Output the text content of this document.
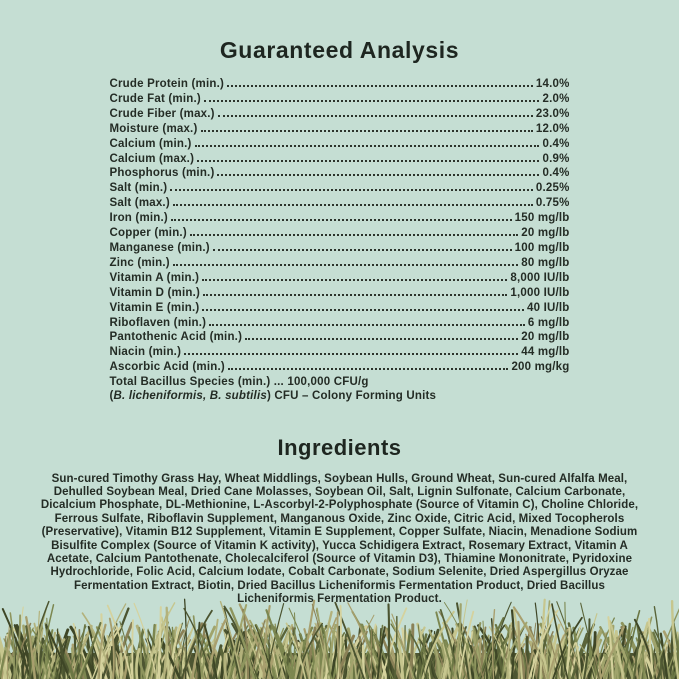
Guaranteed Analysis
Crude Protein (min.)	14.0%
Crude Fat (min.)	2.0%
Crude Fiber (max.)	23.0%
Moisture (max.)	12.0%
Calcium (min.)	0.4%
Calcium (max.)	0.9%
Phosphorus (min.)	0.4%
Salt (min.)	0.25%
Salt (max.)	0.75%
Iron (min.)	150 mg/lb
Copper (min.)	20 mg/lb
Manganese (min.)	100 mg/lb
Zinc (min.)	80 mg/lb
Vitamin A (min.)	8,000 IU/lb
Vitamin D (min.)	1,000 IU/lb
Vitamin E (min.)	40 IU/lb
Riboflaven (min.)	6 mg/lb
Pantothenic Acid (min.)	20 mg/lb
Niacin (min.)	44 mg/lb
Ascorbic Acid (min.)	200 mg/kg
Total Bacillus Species (min.) ... 100,000 CFU/g
(B. licheniformis, B. subtilis) CFU – Colony Forming Units
Ingredients

Sun-cured Timothy Grass Hay, Wheat Middlings, Soybean Hulls, Ground Wheat, Sun-cured Alfalfa Meal, Dehulled Soybean Meal, Dried Cane Molasses, Soybean Oil, Salt, Lignin Sulfonate, Calcium Carbonate, Dicalcium Phosphate, DL-Methionine, L-Ascorbyl-2-Polyphosphate (Source of Vitamin C), Choline Chloride, Ferrous Sulfate, Riboflavin Supplement, Manganous Oxide, Zinc Oxide, Citric Acid, Mixed Tocopherols (Preservative), Vitamin B12 Supplement, Vitamin E Supplement, Copper Sulfate, Niacin, Menadione Sodium Bisulfite Complex (Source of Vitamin K activity), Yucca Schidigera Extract, Rosemary Extract, Vitamin A Acetate, Calcium Pantothenate, Cholecalciferol (Source of Vitamin D3), Thiamine Mononitrate, Pyridoxine Hydrochloride, Folic Acid, Calcium Iodate, Cobalt Carbonate, Sodium Selenite, Dried Aspergillus Oryzae Fermentation Extract, Biotin, Dried Bacillus Licheniformis Fermentation Product, Dried Bacillus Licheniformis Fermentation Product.
